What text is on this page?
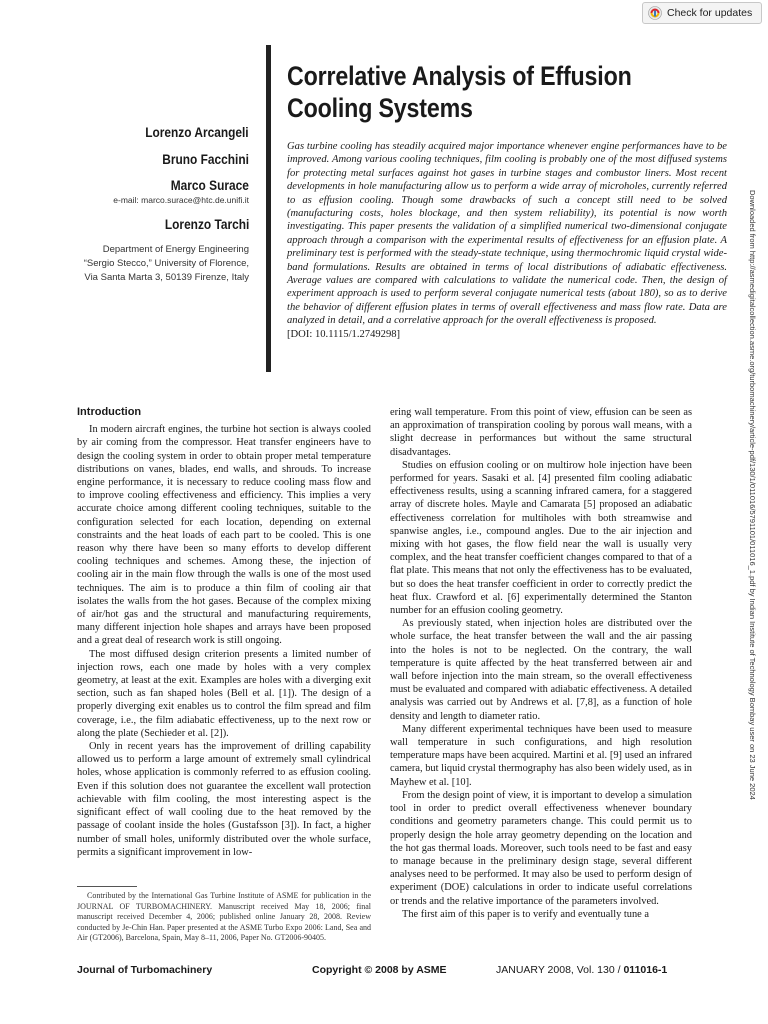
Check for updates
Correlative Analysis of Effusion Cooling Systems
Lorenzo Arcangeli
Bruno Facchini
Marco Surace
e-mail: marco.surace@htc.de.unifi.it
Lorenzo Tarchi
Department of Energy Engineering “Sergio Stecco,” University of Florence, Via Santa Marta 3, 50139 Firenze, Italy
Gas turbine cooling has steadily acquired major importance whenever engine performances have to be improved. Among various cooling techniques, film cooling is probably one of the most diffused systems for protecting metal surfaces against hot gases in turbine stages and combustor liners. Most recent developments in hole manufacturing allow us to perform a wide array of microholes, currently referred to as effusion cooling. Though some drawbacks of such a concept still need to be solved (manufacturing costs, holes blockage, and then system reliability), its potential is now worth investigating. This paper presents the validation of a simplified numerical two-dimensional conjugate approach through a comparison with the experimental results of effectiveness for an effusion plate. A preliminary test is performed with the steady-state technique, using thermochromic liquid crystal wide-band formulations. Results are obtained in terms of local distributions of adiabatic effectiveness. Average values are compared with calculations to validate the numerical code. Then, the design of experiment approach is used to perform several conjugate numerical tests (about 180), so as to derive the behavior of different effusion plates in terms of overall effectiveness and mass flow rate. Data are analyzed in detail, and a correlative approach for the overall effectiveness is proposed.
[DOI: 10.1115/1.2749298]	Downloaded from http://asmedigitalcollection.asme.org/turbomachinery/article-pdf/130/1/011016/5791101/011016_1.pdf by Indian Institute of Technology Bombay user on 23 June 2024
Introduction

In modern aircraft engines, the turbine hot section is always cooled by air coming from the compressor. Heat transfer engineers have to design the cooling system in order to obtain proper metal temperature distributions on vanes, blades, end walls, and shrouds. To increase engine performance, it is necessary to reduce cooling mass flow and to improve cooling effectiveness and efficiency. This implies a very accurate choice among different cooling techniques, suitable to the configuration selected for each location, depending on external constraints and the heat loads of each part to be cooled. This is one reason why there have been so many efforts to develop different cooling techniques and schemes. Among these, the injection of cooling air in the main flow through the walls is one of the most used techniques. The aim is to produce a thin film of cooling air that isolates the walls from the hot gases. Because of the complex mixing of air/hot gas and the structural and manufacturing requirements, many different injection hole shapes and arrays have been proposed and a great deal of research work is still ongoing.

The most diffused design criterion presents a limited number of injection rows, each one made by holes with a very complex geometry, at least at the exit. Examples are holes with a diverging exit section, such as fan shaped holes (Bell et al. [1]). The design of a properly diverging exit enables us to control the film spread and film coverage, i.e., the film adiabatic effectiveness, up to the next row or along the plate (Sechieder et al. [2]).

Only in recent years has the improvement of drilling capability allowed us to perform a large amount of extremely small cylindrical holes, whose application is commonly referred to as effusion cooling. Even if this solution does not guarantee the excellent wall protection achievable with film cooling, the most interesting aspect is the significant effect of wall cooling due to the heat removed by the passage of coolant inside the holes (Gustafsson [3]). In fact, a higher number of small holes, uniformly distributed over the whole surface, permits a significant improvement in low-

ering wall temperature. From this point of view, effusion can be seen as an approximation of transpiration cooling by porous wall means, with a slight decrease in performances but without the same structural disadvantages.

Studies on effusion cooling or on multirow hole injection have been performed for years. Sasaki et al. [4] presented film cooling adiabatic effectiveness results, using a scanning infrared camera, for a staggered array of discrete holes. Mayle and Camarata [5] proposed an adiabatic effectiveness correlation for multiholes with both streamwise and spanwise angles, i.e., compound angles. Due to the air injection and mixing with hot gases, the flow field near the wall is usually very complex, and the heat transfer coefficient changes compared to that of a flat plate. This means that not only the effectiveness has to be evaluated, but so does the heat transfer coefficient in order to correctly predict the heat flux. Crawford et al. [6] experimentally determined the Stanton number for an effusion cooling geometry.

As previously stated, when injection holes are distributed over the whole surface, the heat transfer between the wall and the air passing into the holes is not to be neglected. On the contrary, the wall temperature is quite affected by the heat transferred between air and wall before injection into the main stream, so the overall effectiveness must be evaluated and compared with adiabatic effectiveness. A detailed analysis was carried out by Andrews et al. [7,8], as a function of hole density and length to diameter ratio.

Many different experimental techniques have been used to measure wall temperature in such configurations, and high resolution temperature maps have been acquired. Martini et al. [9] used an infrared camera, but liquid crystal thermography has also been widely used, as in Mayhew et al. [10].

From the design point of view, it is important to develop a simulation tool in order to predict overall effectiveness whenever boundary conditions and geometry parameters change. This could permit us to properly design the hole array geometry depending on the location and the hot gas thermal loads. Moreover, such tools need to be fast and easy to manage because in the preliminary design stage, several different analyses need to be performed. It may also be used to perform design of experiment (DOE) calculations in order to indicate useful correlations or trends and the relative importance of the parameters involved.

The first aim of this paper is to verify and eventually tune a

Contributed by the International Gas Turbine Institute of ASME for publication in the JOURNAL OF TURBOMACHINERY. Manuscript received May 18, 2006; final manuscript received December 4, 2006; published online January 28, 2008. Review conducted by Je-Chin Han. Paper presented at the ASME Turbo Expo 2006: Land, Sea and Air (GT2006), Barcelona, Spain, May 8–11, 2006, Paper No. GT2006-90405.
Journal of Turbomachinery	Copyright © 2008 by ASME	JANUARY 2008, Vol. 130 / 011016-1
